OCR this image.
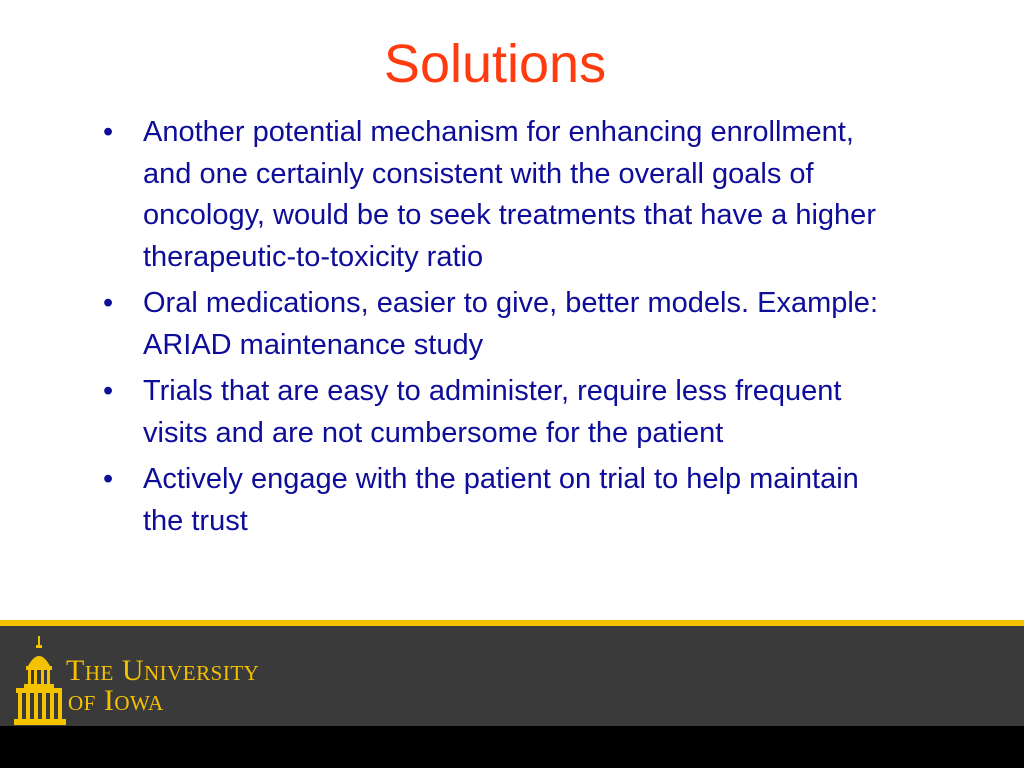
Solutions
•	Another potential mechanism for enhancing enrollment, and one certainly consistent with the overall goals of oncology, would be to seek treatments that have a higher therapeutic-to-toxicity ratio
•	Oral medications, easier to give, better models. Example: ARIAD maintenance study
•	Trials that are easy to administer, require less frequent visits and are not cumbersome for the patient
•	Actively engage with the patient on trial to help maintain the trust
The University
of Iowa
